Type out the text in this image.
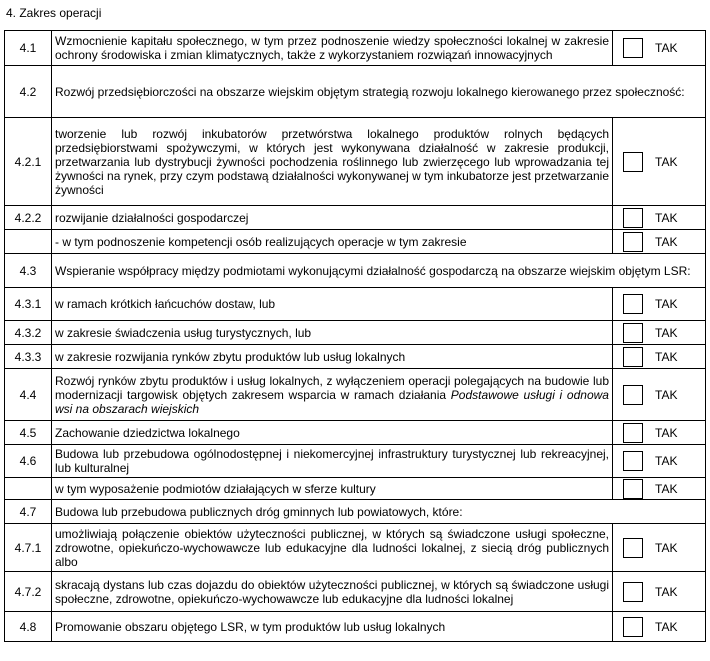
4. Zakres operacji
4.1	Wzmocnienie kapitału społecznego, w tym przez podnoszenie wiedzy społeczności lokalnej w zakresie ochrony środowiska i zmian klimatycznych, także z wykorzystaniem rozwiązań innowacyjnych	TAK

4.2	Rozwój przedsiębiorczości na obszarze wiejskim objętym strategią rozwoju lokalnego kierowanego przez społeczność:	
4.2.1	tworzenie lub rozwój inkubatorów przetwórstwa lokalnego produktów rolnych będących przedsiębiorstwami spożywczymi, w których jest wykonywana działalność w zakresie produkcji, przetwarzania lub dystrybucji żywności pochodzenia roślinnego lub zwierzęcego lub wprowadzania tej żywności na rynek, przy czym podstawą działalności wykonywanej w tym inkubatorze jest przetwarzanie żywności	TAK

4.2.2	rozwijanie działalności gospodarczej	TAK

	- w tym podnoszenie kompetencji osób realizujących operacje w tym zakresie	TAK

4.3	Wspieranie współpracy między podmiotami wykonującymi działalność gospodarczą na obszarze wiejskim objętym LSR:	
4.3.1	w ramach krótkich łańcuchów dostaw, lub	TAK

4.3.2	w zakresie świadczenia usług turystycznych, lub	TAK

4.3.3	w zakresie rozwijania rynków zbytu produktów lub usług lokalnych	TAK

4.4	Rozwój rynków zbytu produktów i usług lokalnych, z wyłączeniem operacji polegających na budowie lub modernizacji targowisk objętych zakresem wsparcia w ramach działania Podstawowe usługi i odnowa wsi na obszarach wiejskich	TAK

4.5	Zachowanie dziedzictwa lokalnego	TAK

4.6	Budowa lub przebudowa ogólnodostępnej i niekomercyjnej infrastruktury turystycznej lub rekreacyjnej, lub kulturalnej	TAK

	w tym wyposażenie podmiotów działających w sferze kultury	TAK

4.7	Budowa lub przebudowa publicznych dróg gminnych lub powiatowych, które:	
4.7.1	umożliwiają połączenie obiektów użyteczności publicznej, w których są świadczone usługi społeczne, zdrowotne, opiekuńczo-wychowawcze lub edukacyjne dla ludności lokalnej, z siecią dróg publicznych albo	TAK

4.7.2	skracają dystans lub czas dojazdu do obiektów użyteczności publicznej, w których są świadczone usługi społeczne, zdrowotne, opiekuńczo-wychowawcze lub edukacyjne dla ludności lokalnej	TAK

4.8	Promowanie obszaru objętego LSR, w tym produktów lub usług lokalnych	TAK
